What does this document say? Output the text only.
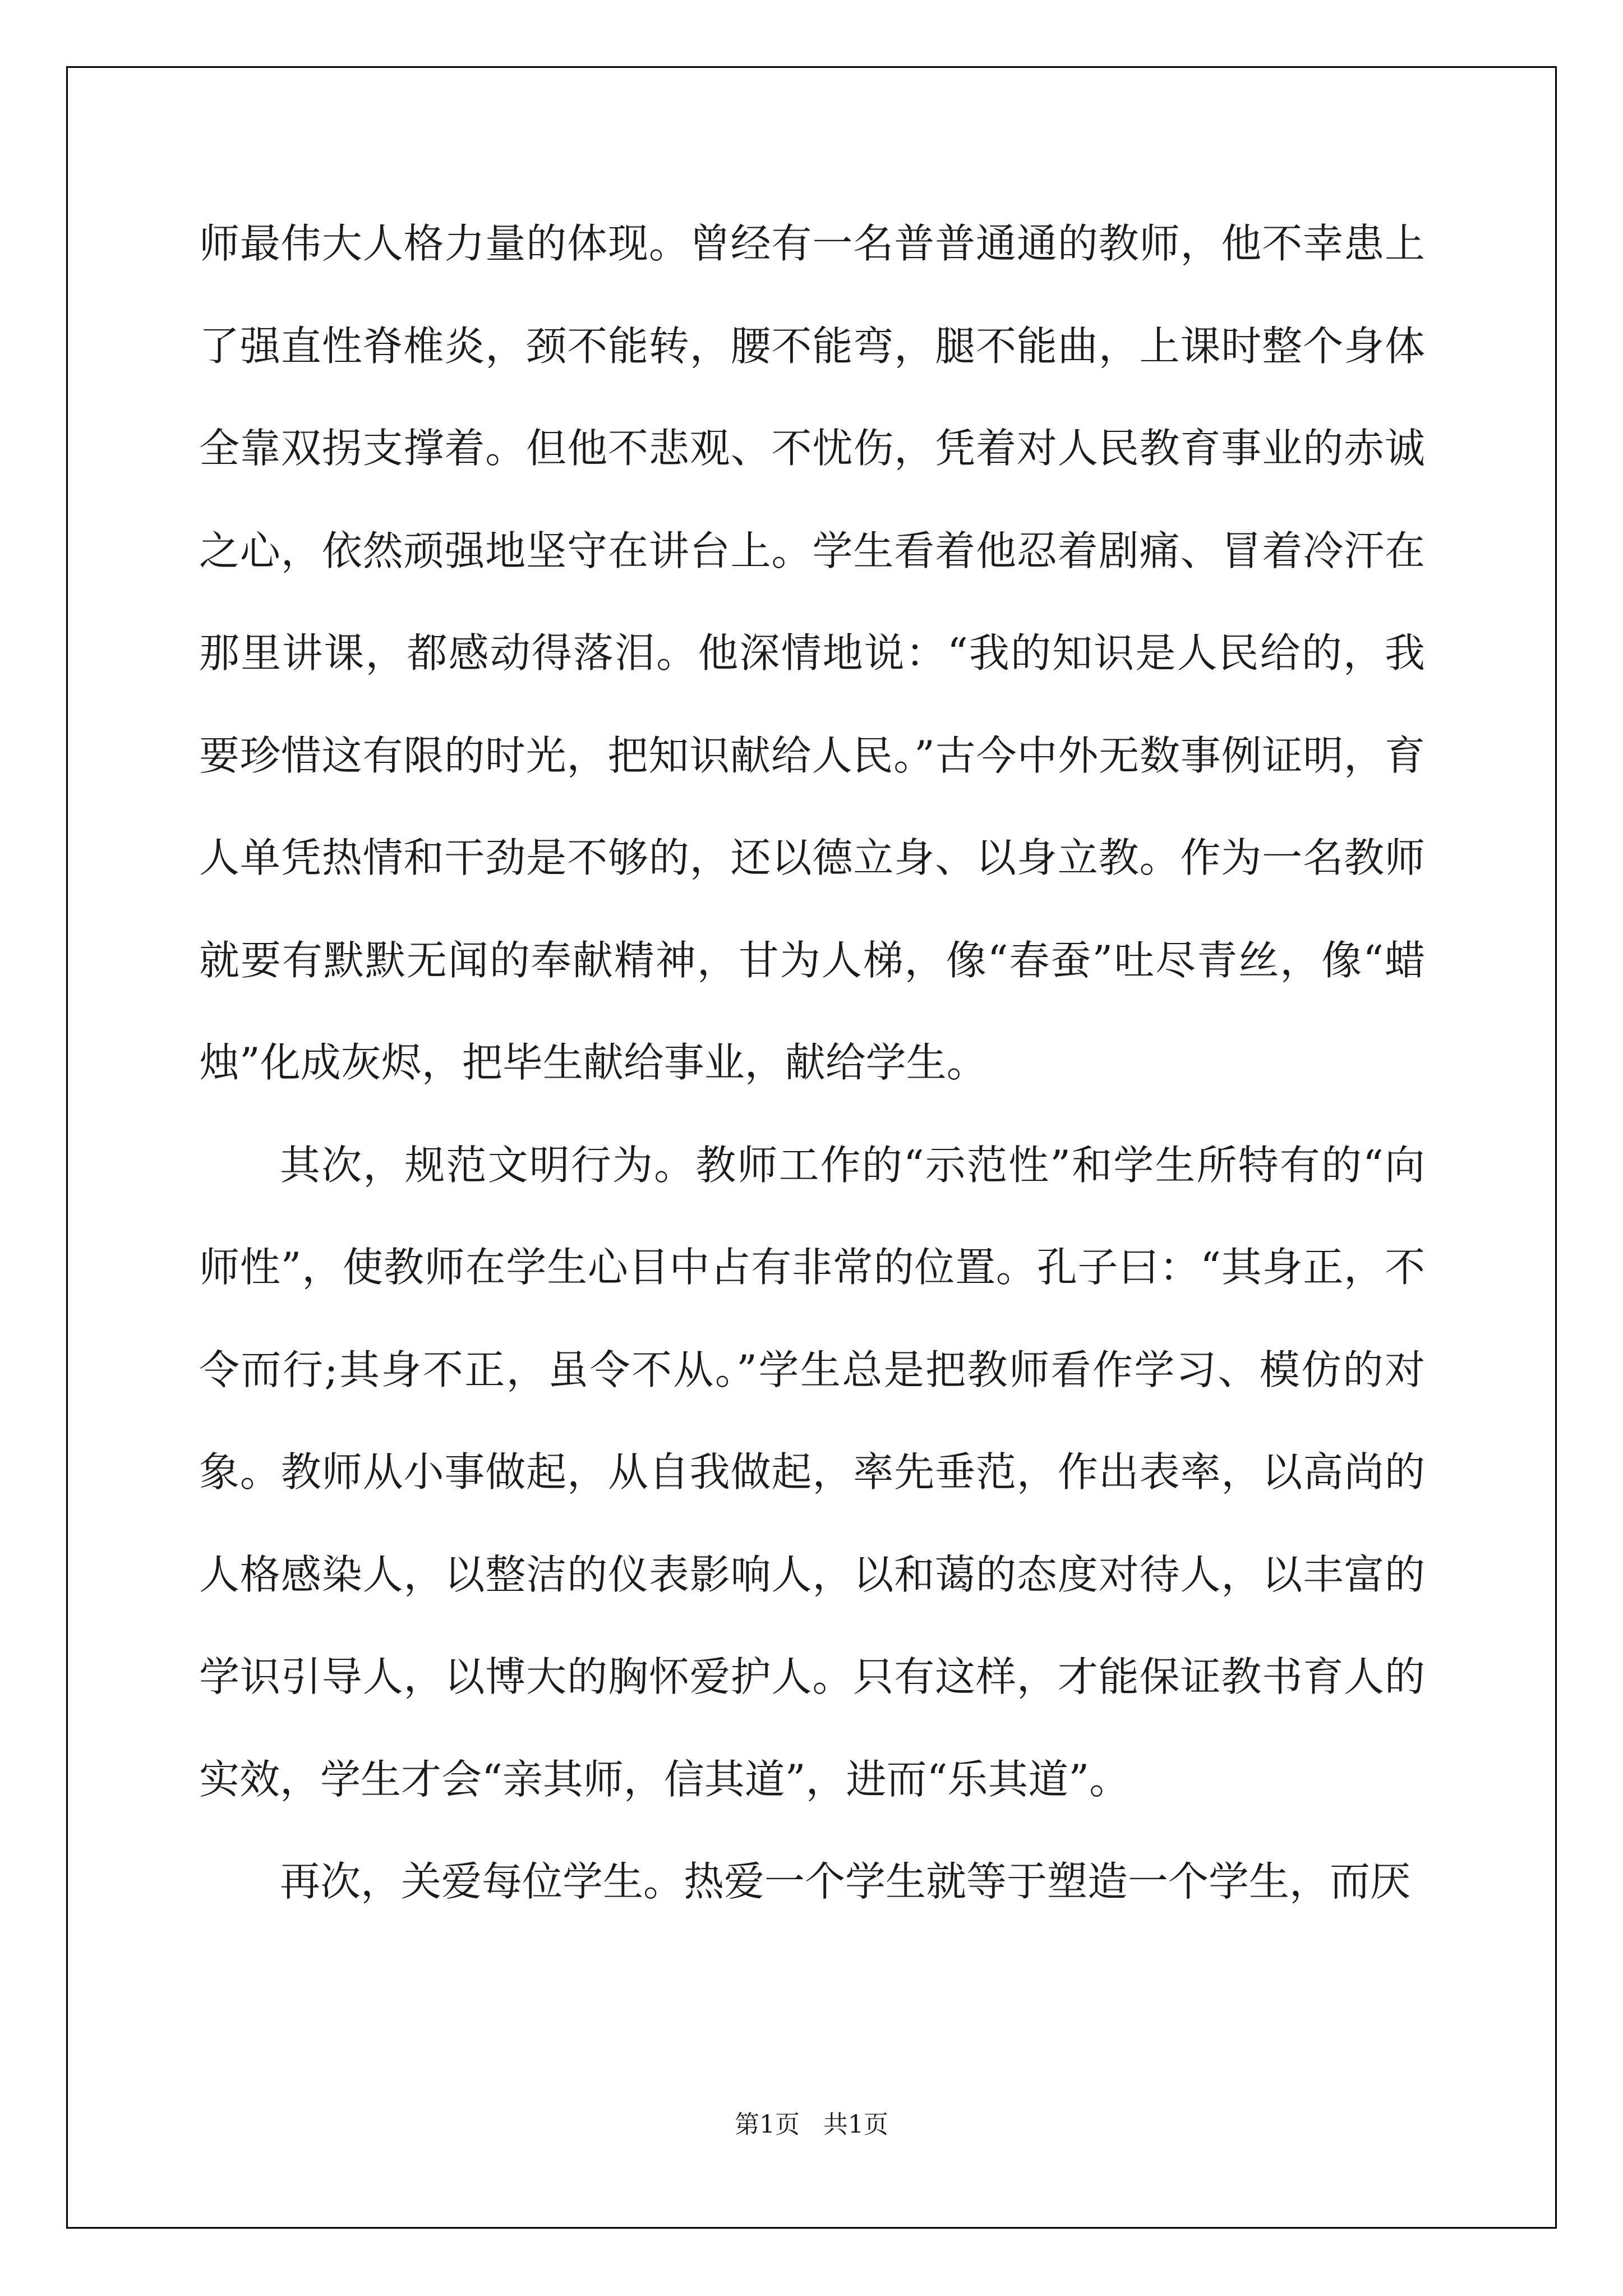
师最伟大人格力量的体现。曾经有一名普普通通的教师，他不幸患上了强直性脊椎炎，颈不能转，腰不能弯，腿不能曲，上课时整个身体全靠双拐支撑着。但他不悲观、不忧伤，凭着对人民教育事业的赤诚之心，依然顽强地坚守在讲台上。学生看着他忍着剧痛、冒着冷汗在那里讲课，都感动得落泪。他深情地说：“我的知识是人民给的，我要珍惜这有限的时光，把知识献给人民。”古今中外无数事例证明，育人单凭热情和干劲是不够的，还以德立身、以身立教。作为一名教师就要有默默无闻的奉献精神，甘为人梯，像“春蚕”吐尽青丝，像“蜡烛”化成灰烬，把毕生献给事业，献给学生。

其次，规范文明行为。教师工作的“示范性”和学生所特有的“向师性”，使教师在学生心目中占有非常的位置。孔子曰：“其身正，不令而行;其身不正，虽令不从。”学生总是把教师看作学习、模仿的对象。教师从小事做起，从自我做起，率先垂范，作出表率，以高尚的人格感染人，以整洁的仪表影响人，以和蔼的态度对待人，以丰富的学识引导人，以博大的胸怀爱护人。只有这样，才能保证教书育人的实效，学生才会“亲其师，信其道”，进而“乐其道”。

再次，关爱每位学生。热爱一个学生就等于塑造一个学生，而厌

第1页   共1页
